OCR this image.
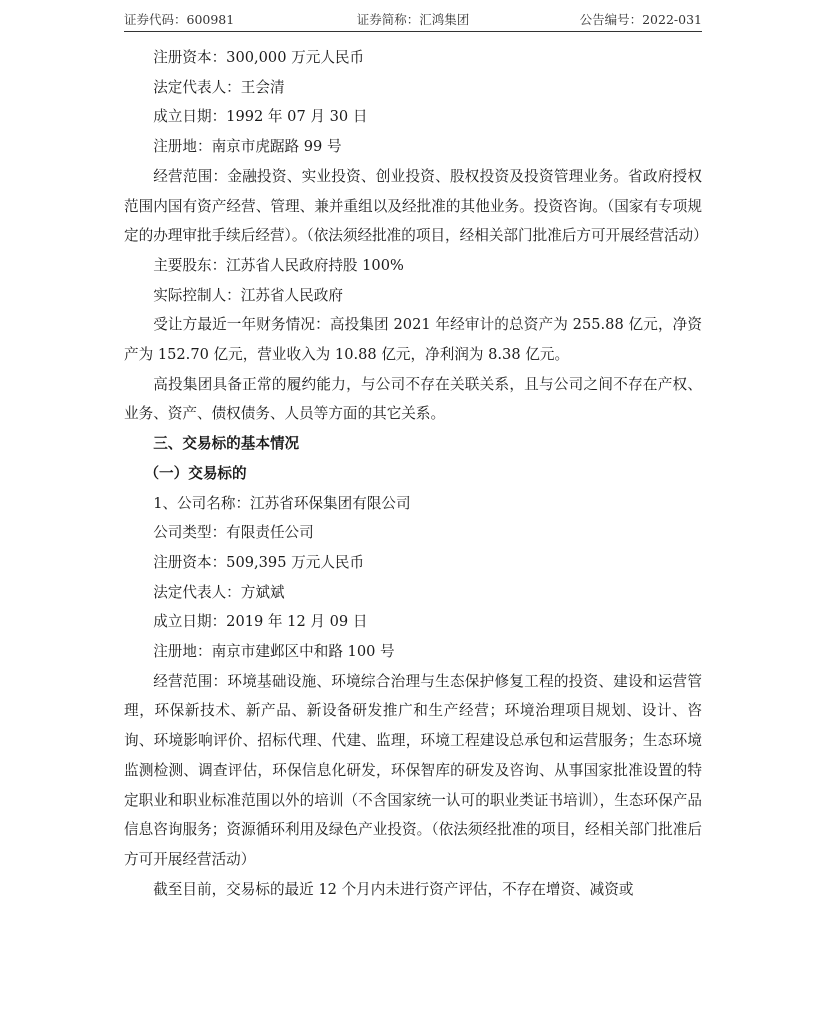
证券代码：600981	证券简称：汇鸿集团	公告编号：2022-031

注册资本：300,000 万元人民币

法定代表人：王会清

成立日期：1992 年 07 月 30 日

注册地：南京市虎踞路 99 号

经营范围：金融投资、实业投资、创业投资、股权投资及投资管理业务。省政府授权范围内国有资产经营、管理、兼并重组以及经批准的其他业务。投资咨询。（国家有专项规定的办理审批手续后经营）。（依法须经批准的项目，经相关部门批准后方可开展经营活动）

主要股东：江苏省人民政府持股 100%

实际控制人：江苏省人民政府

受让方最近一年财务情况：高投集团 2021 年经审计的总资产为 255.88 亿元，净资产为 152.70 亿元，营业收入为 10.88 亿元，净利润为 8.38 亿元。

高投集团具备正常的履约能力，与公司不存在关联关系，且与公司之间不存在产权、业务、资产、债权债务、人员等方面的其它关系。

三、交易标的基本情况

（一）交易标的

1、公司名称：江苏省环保集团有限公司

公司类型：有限责任公司

注册资本：509,395 万元人民币

法定代表人：方斌斌

成立日期：2019 年 12 月 09 日

注册地：南京市建邺区中和路 100 号

经营范围：环境基础设施、环境综合治理与生态保护修复工程的投资、建设和运营管理，环保新技术、新产品、新设备研发推广和生产经营；环境治理项目规划、设计、咨询、环境影响评价、招标代理、代建、监理，环境工程建设总承包和运营服务；生态环境监测检测、调查评估，环保信息化研发，环保智库的研发及咨询、从事国家批准设置的特定职业和职业标准范围以外的培训（不含国家统一认可的职业类证书培训），生态环保产品信息咨询服务；资源循环利用及绿色产业投资。（依法须经批准的项目，经相关部门批准后方可开展经营活动）

截至目前，交易标的最近 12 个月内未进行资产评估，不存在增资、减资或
